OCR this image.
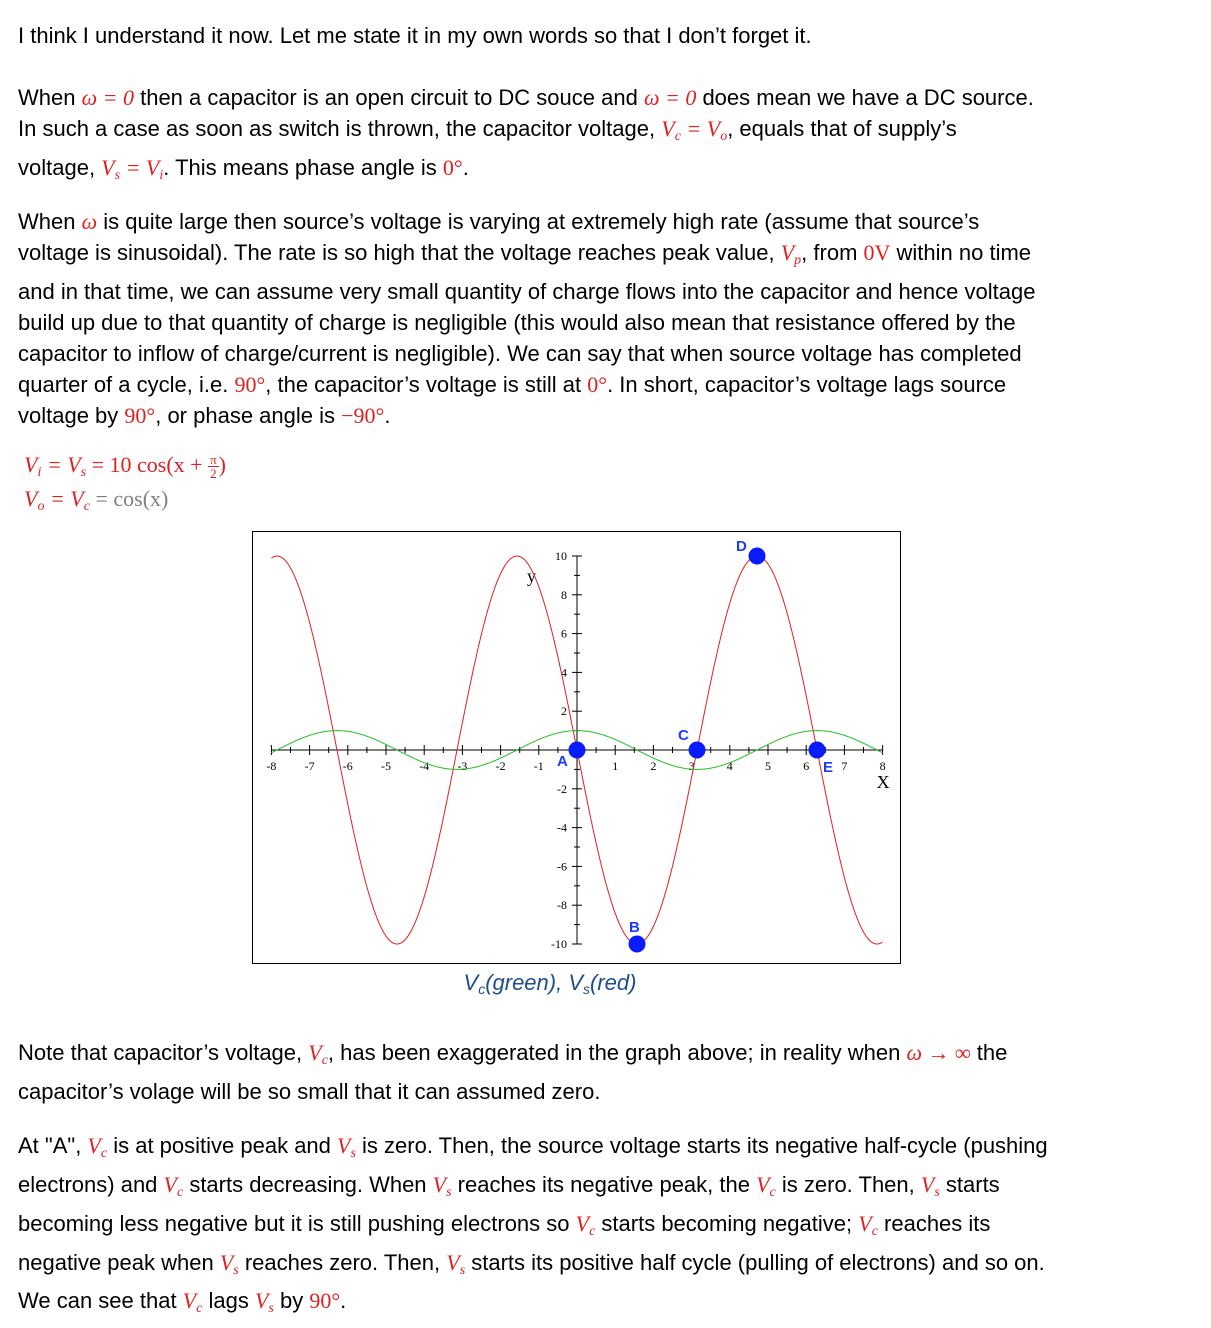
I think I understand it now. Let me state it in my own words so that I don’t forget it.

When ω = 0 then a capacitor is an open circuit to DC souce and ω = 0 does mean we have a DC source.
In such a case as soon as switch is thrown, the capacitor voltage, $V_c = V_o$, equals that of supply’s
voltage, $V_s = V_i$. This means phase angle is 0°.

When ω is quite large then source’s voltage is varying at extremely high rate (assume that source’s
voltage is sinusoidal). The rate is so high that the voltage reaches peak value, $V_p$, from 0V within no time
and in that time, we can assume very small quantity of charge flows into the capacitor and hence voltage
build up due to that quantity of charge is negligible (this would also mean that resistance offered by the
capacitor to inflow of charge/current is negligible). We can say that when source voltage has completed
quarter of a cycle, i.e. 90°, the capacitor’s voltage is still at 0°. In short, capacitor’s voltage lags source
voltage by 90°, or phase angle is −90°.

$V_i = V_s = 10$ $\cos(x + \frac{\pi}{2}$ )
$V_o = V_c = \cos(x)$
-8 -7 -6 -5 -4 -3 -2 -1	1	2	3	4	5	6	7	8
10
8
6
4
2
-2
-4
-6
-8
-10
X
y
A
B
C
D
E
$V_c(green)$, $V_s(red)$

Note that capacitor’s voltage, $V_c$, has been exaggerated in the graph above; in reality when ω → ∞ the
capacitor’s volage will be so small that it can assumed zero.

At "A", $V_c$ is at positive peak and $V_s$ is zero. Then, the source voltage starts its negative half-cycle (pushing
electrons) and $V_c$ starts decreasing. When $V_s$ reaches its negative peak, the $V_c$ is zero. Then, $V_s$ starts
becoming less negative but it is still pushing electrons so $V_c$ starts becoming negative; $V_c$ reaches its
negative peak when $V_s$ reaches zero. Then, $V_s$ starts its positive half cycle (pulling of electrons) and so on.

We can see that $V_c$ lags $V_s$ by 90°.
